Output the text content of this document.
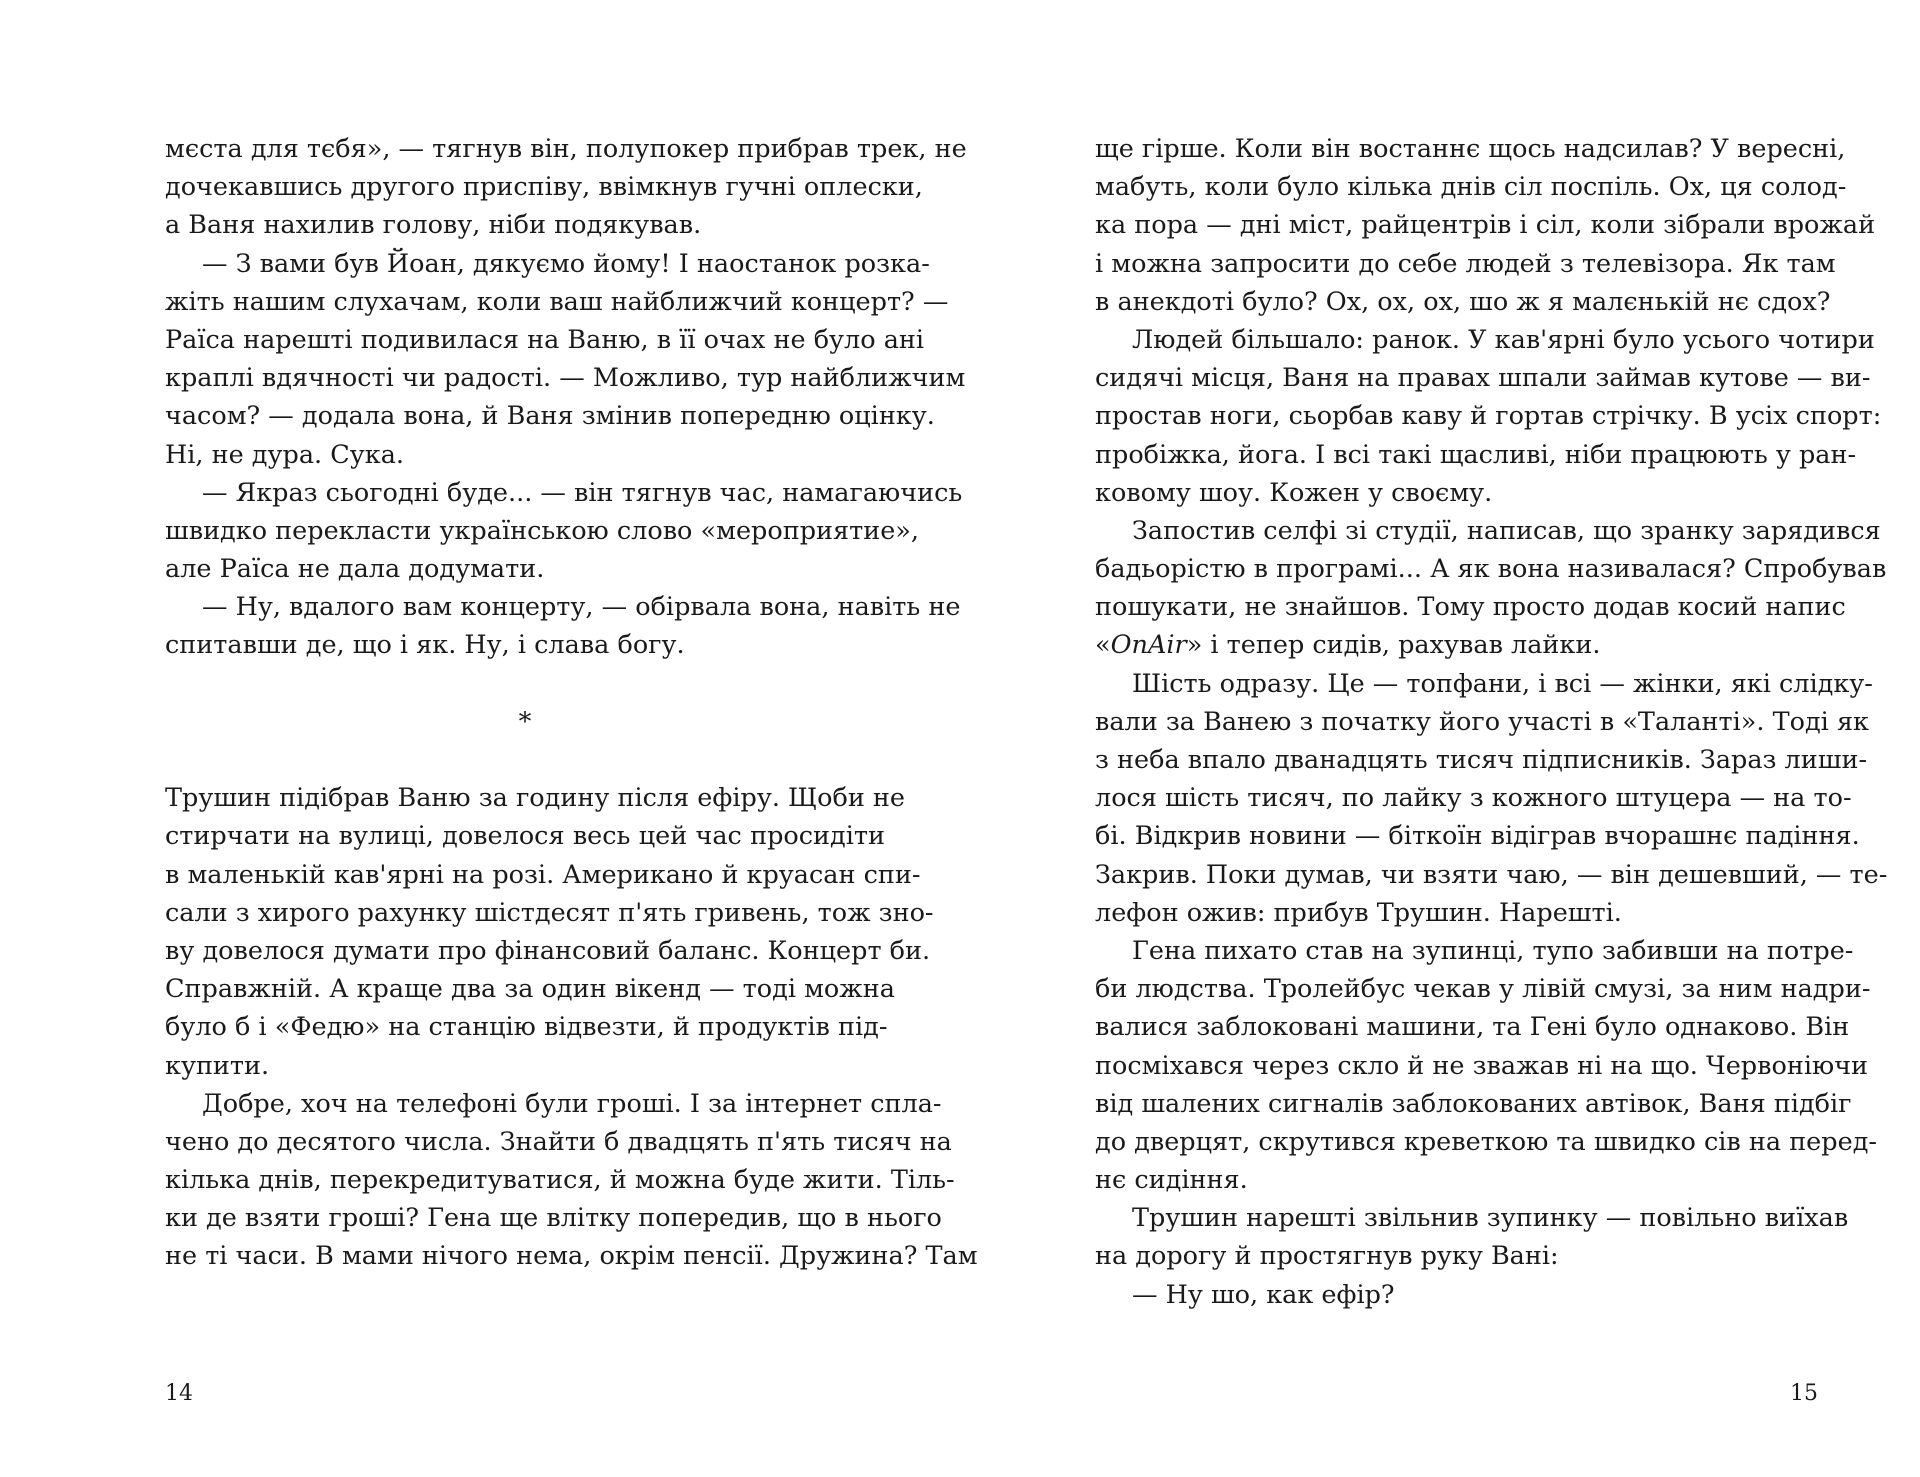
мєста для тєбя», — тягнув він, полупокер прибрав трек, не
дочекавшись другого приспіву, ввімкнув гучні оплески,
а Ваня нахилив голову, ніби подякував.
— З вами був Йоан, дякуємо йому! І наостанок розка-
жіть нашим слухачам, коли ваш найближчий концерт? —
Раїса нарешті подивилася на Ваню, в її очах не було ані
краплі вдячності чи радості. — Можливо, тур найближчим
часом? — додала вона, й Ваня змінив попередню оцінку.
Ні, не дура. Сука.
— Якраз сьогодні буде... — він тягнув час, намагаючись
швидко перекласти українською слово «мероприятие»,
але Раїса не дала додумати.
— Ну, вдалого вам концерту, — обірвала вона, навіть не
спитавши де, що і як. Ну, і слава богу.
*
Трушин підібрав Ваню за годину після ефіру. Щоби не
стирчати на вулиці, довелося весь цей час просидіти
в маленькій кав'ярні на розі. Американо й круасан спи-
сали з хирого рахунку шістдесят п'ять гривень, тож зно-
ву довелося думати про фінансовий баланс. Концерт би.
Справжній. А краще два за один вікенд — тоді можна
було б і «Федю» на станцію відвезти, й продуктів під-
купити.
Добре, хоч на телефоні були гроші. І за інтернет спла-
чено до десятого числа. Знайти б двадцять п'ять тисяч на
кілька днів, перекредитуватися, й можна буде жити. Тіль-
ки де взяти гроші? Гена ще влітку попередив, що в нього
не ті часи. В мами нічого нема, окрім пенсії. Дружина? Там
14
ще гірше. Коли він востаннє щось надсилав? У вересні,
мабуть, коли було кілька днів сіл поспіль. Ох, ця солод-
ка пора — дні міст, райцентрів і сіл, коли зібрали врожай
і можна запросити до себе людей з телевізора. Як там
в анекдоті було? Ох, ох, ох, шо ж я малєнькій нє сдох?
Людей більшало: ранок. У кав'ярні було усього чотири
сидячі місця, Ваня на правах шпали займав кутове — ви-
простав ноги, сьорбав каву й гортав стрічку. В усіх спорт:
пробіжка, йога. І всі такі щасливі, ніби працюють у ран-
ковому шоу. Кожен у своєму.
Запостив селфі зі студії, написав, що зранку зарядився
бадьорістю в програмі... А як вона називалася? Спробував
пошукати, не знайшов. Тому просто додав косий напис
«OnAir» і тепер сидів, рахував лайки.
Шість одразу. Це — топфани, і всі — жінки, які слідку-
вали за Ванею з початку його участі в «Таланті». Тоді як
з неба впало дванадцять тисяч підписників. Зараз лиши-
лося шість тисяч, по лайку з кожного штуцера — на то-
бі. Відкрив новини — біткоїн відіграв вчорашнє падіння.
Закрив. Поки думав, чи взяти чаю, — він дешевший, — те-
лефон ожив: прибув Трушин. Нарешті.
Гена пихато став на зупинці, тупо забивши на потре-
би людства. Тролейбус чекав у лівій смузі, за ним надри-
валися заблоковані машини, та Гені було однаково. Він
посміхався через скло й не зважав ні на що. Червоніючи
від шалених сигналів заблокованих автівок, Ваня підбіг
до дверцят, скрутився креветкою та швидко сів на перед-
нє сидіння.
Трушин нарешті звільнив зупинку — повільно виїхав
на дорогу й простягнув руку Вані:
— Ну шо, как ефір?
15
